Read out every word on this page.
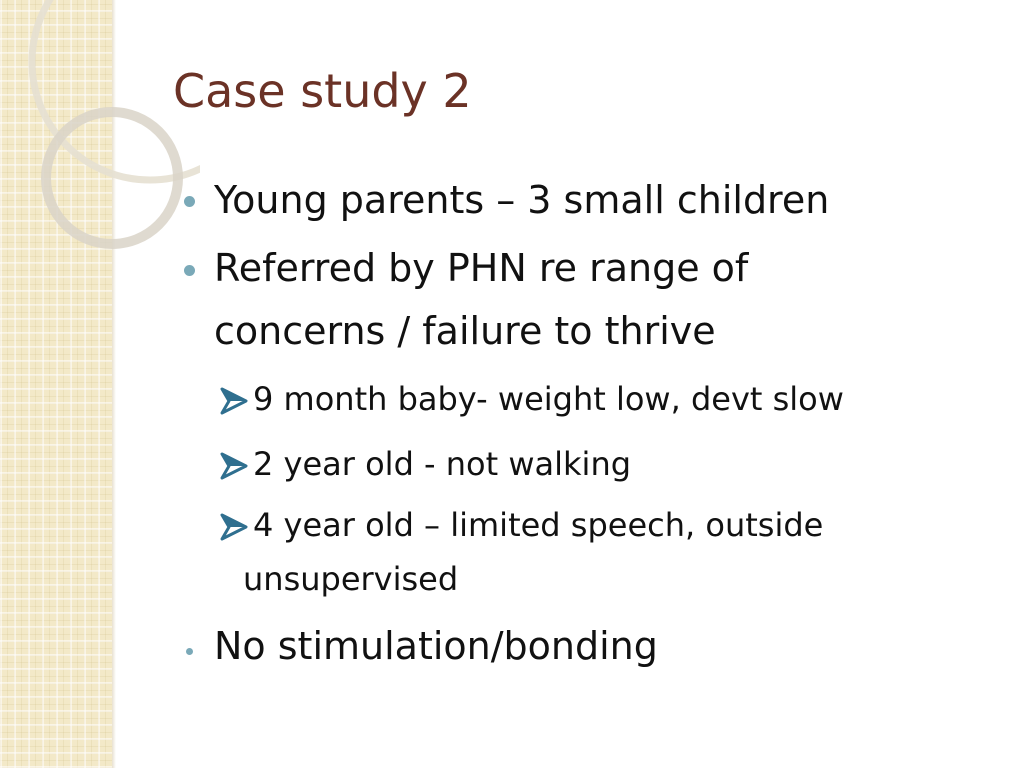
Case study 2
Young parents – 3 small children
Referred by PHN re range of
concerns / failure to thrive
9 month baby- weight low, devt slow
2 year old - not walking
4 year old – limited speech, outside
unsupervised
No stimulation/bonding
